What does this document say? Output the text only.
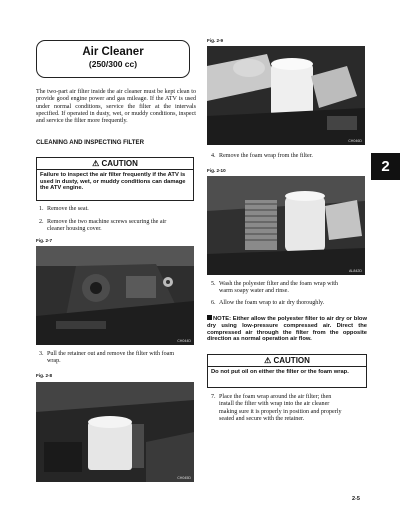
Air Cleaner
(250/300 cc)
The two-part air filter inside the air cleaner must be kept clean to provide good engine power and gas mileage. If the ATV is used under normal conditions, service the filter at the intervals specified. If operated in dusty, wet, or muddy conditions, inspect and service the filter more frequently.
CLEANING AND INSPECTING FILTER
⚠ CAUTION
Failure to inspect the air filter frequently if the ATV is used in dusty, wet, or muddy conditions can damage the ATV engine.
1. Remove the seat.
2. Remove the two machine screws securing the air
cleaner housing cover.
Fig. 2-7
CH044D
3. Pull the retainer out and remove the filter with foam
wrap.
Fig. 2-8
CH045D
Fig. 2-9
CH046D
2
4. Remove the foam wrap from the filter.
Fig. 2-10
AL842D
5. Wash the polyester filter and the foam wrap with
warm soapy water and rinse.
6. Allow the foam wrap to air dry thoroughly.
NOTE: Either allow the polyester filter to air dry or blow dry using low-pressure compressed air. Direct the compressed air through the filter from the opposite direction as normal operation air flow.
⚠ CAUTION
Do not put oil on either the filter or the foam wrap.
7. Place the foam wrap around the air filter; then
install the filter with wrap into the air cleaner
making sure it is properly in position and properly
seated and secure with the retainer.
2-5
